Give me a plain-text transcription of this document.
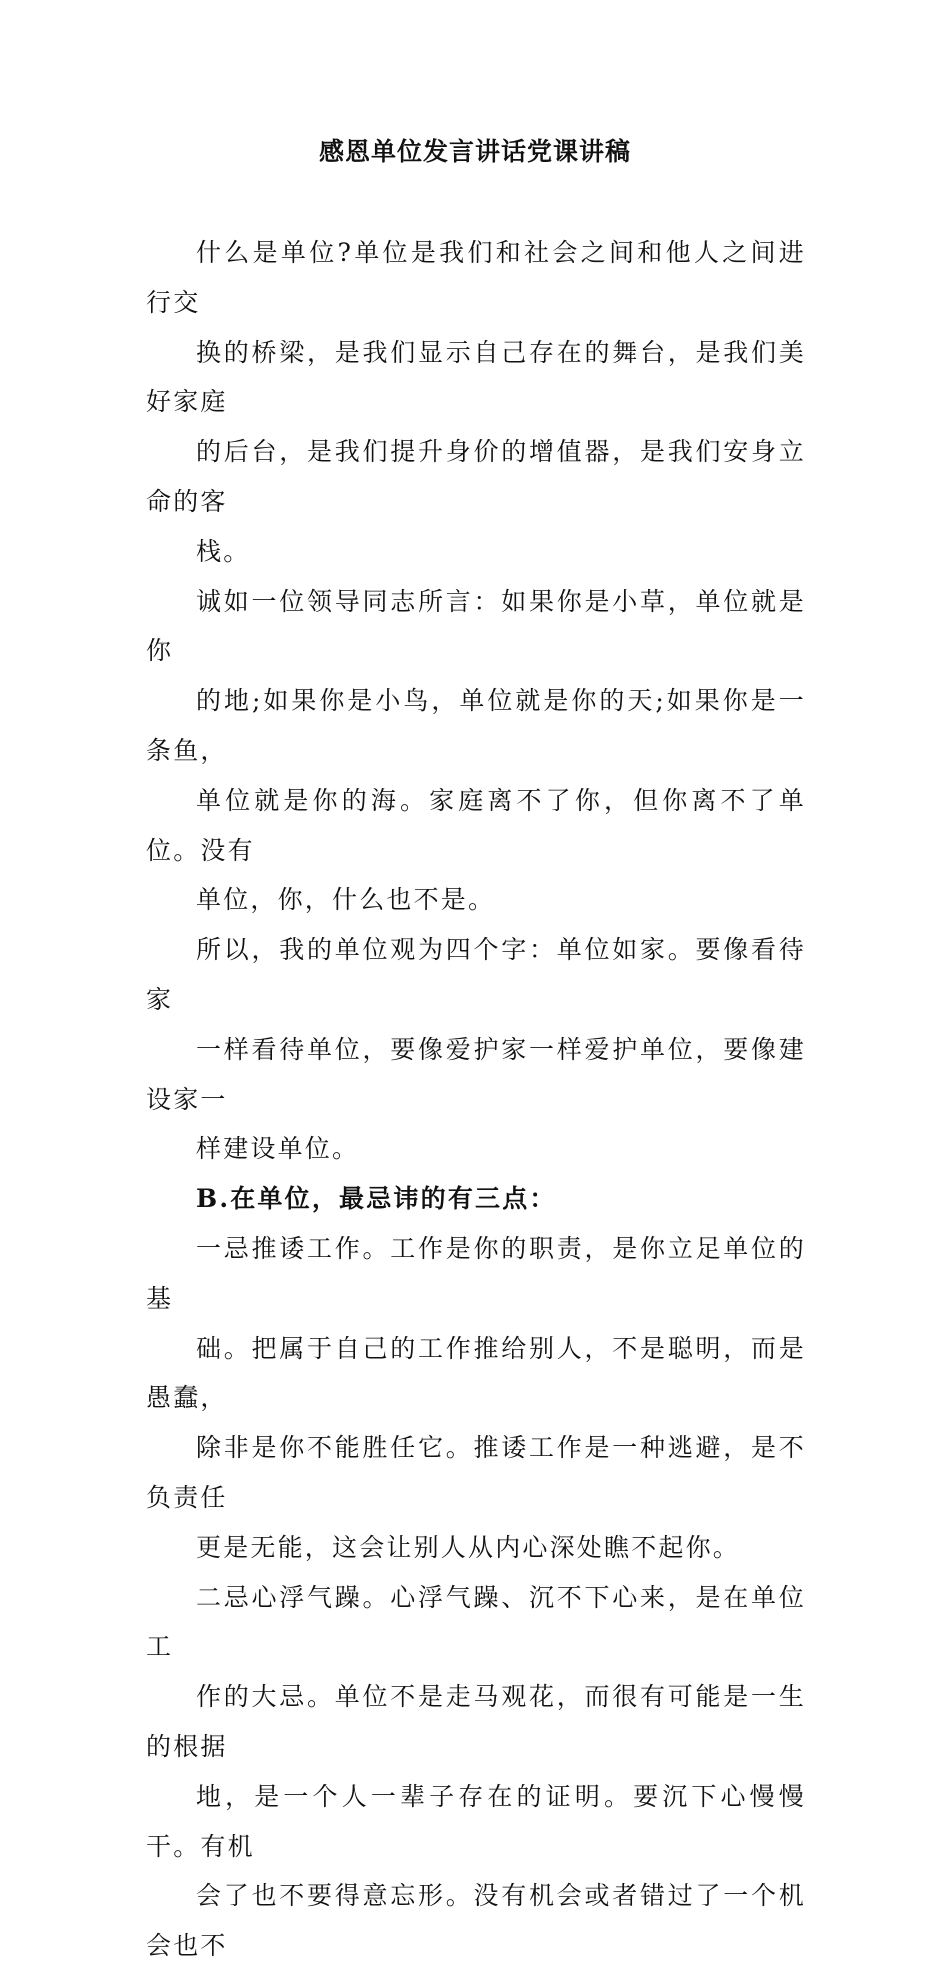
感恩单位发言讲话党课讲稿

什么是单位?单位是我们和社会之间和他人之间进行交
换的桥梁，是我们显示自己存在的舞台，是我们美好家庭
的后台，是我们提升身价的增值器，是我们安身立命的客
栈。

诚如一位领导同志所言：如果你是小草，单位就是你
的地;如果你是小鸟，单位就是你的天;如果你是一条鱼，
单位就是你的海。家庭离不了你，但你离不了单位。没有
单位，你，什么也不是。

所以，我的单位观为四个字：单位如家。要像看待家
一样看待单位，要像爱护家一样爱护单位，要像建设家一
样建设单位。

B.在单位，最忌讳的有三点：

一忌推诿工作。工作是你的职责，是你立足单位的基
础。把属于自己的工作推给别人，不是聪明，而是愚蠢，
除非是你不能胜任它。推诿工作是一种逃避，是不负责任
更是无能，这会让别人从内心深处瞧不起你。

二忌心浮气躁。心浮气躁、沉不下心来，是在单位工
作的大忌。单位不是走马观花，而很有可能是一生的根据
地，是一个人一辈子存在的证明。要沉下心慢慢干。有机
会了也不要得意忘形。没有机会或者错过了一个机会也不
